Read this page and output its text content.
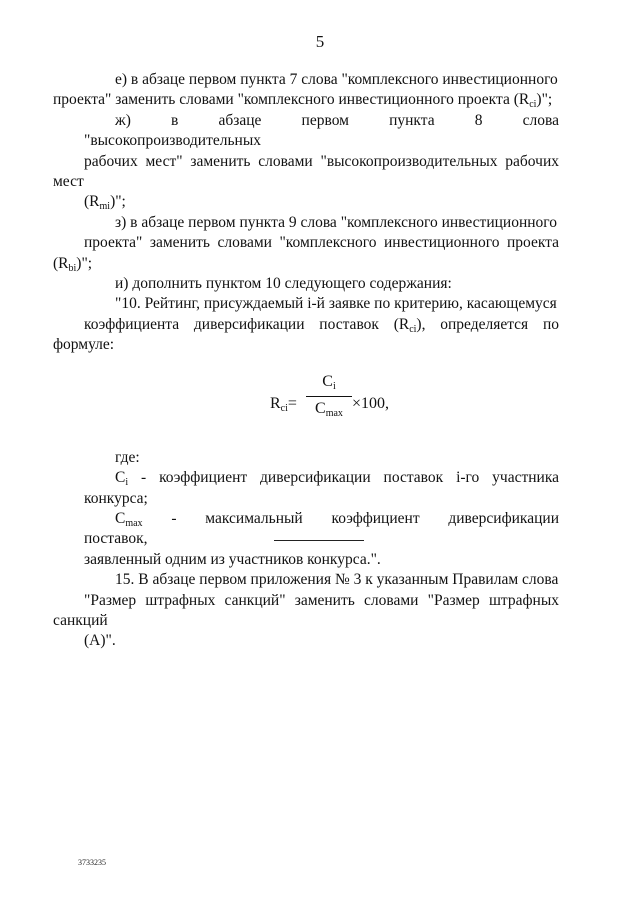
5

е) в абзаце первом пункта 7 слова "комплексного инвестиционного
проекта" заменить словами "комплексного инвестиционного проекта $(R_{ci})$";

ж) в абзаце первом пункта 8 слова "высокопроизводительных
рабочих мест" заменить словами "высокопроизводительных рабочих мест
$(R_{mi})$";

з) в абзаце первом пункта 9 слова "комплексного инвестиционного
проекта" заменить словами "комплексного инвестиционного проекта $(R_{bi})$";

и) дополнить пунктом 10 следующего содержания:

"10. Рейтинг, присуждаемый i-й заявке по критерию, касающемуся
коэффициента диверсификации поставок $(R_{ci})$, определяется по формуле:

$R_{ci}=$
$C_i$
$C_{max}$
×100,

где:

$C_i$ - коэффициент диверсификации поставок i-го участника конкурса;

$C_{max}$ - максимальный коэффициент диверсификации поставок,
заявленный одним из участников конкурса.".

15. В абзаце первом приложения № 3 к указанным Правилам слова
"Размер штрафных санкций" заменить словами "Размер штрафных санкций
(А)".

3733235
